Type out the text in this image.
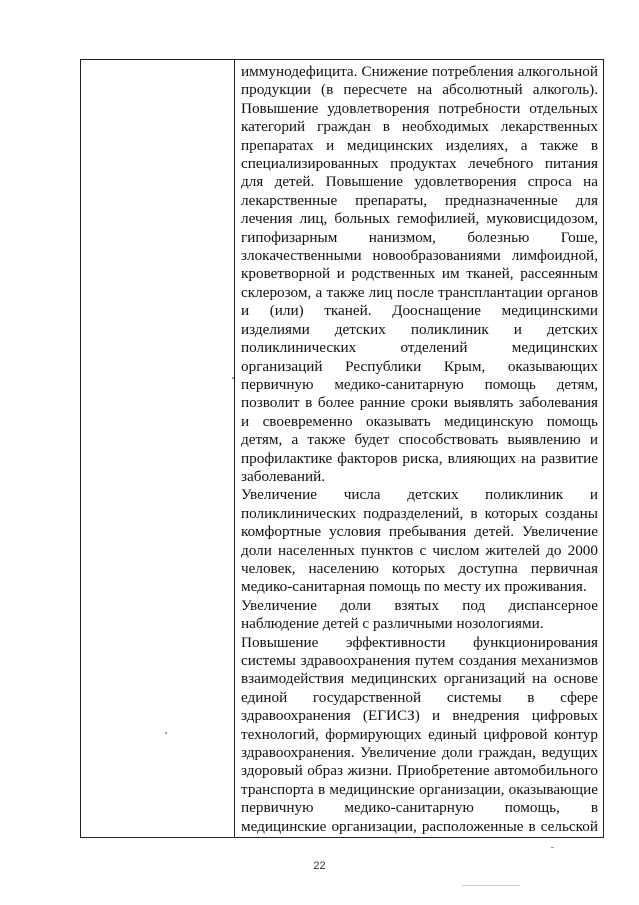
иммунодефицита. Снижение потребления алкогольной продукции (в пересчете на абсолютный алкоголь). Повышение удовлетворения потребности отдельных категорий граждан в необходимых лекарственных препаратах и медицинских изделиях, а также в специализированных продуктах лечебного питания для детей. Повышение удовлетворения спроса на лекарственные препараты, предназначенные для лечения лиц, больных гемофилией, муковисцидозом, гипофизарным нанизмом, болезнью Гоше, злокачественными новообразованиями лимфоидной, кроветворной и родственных им тканей, рассеянным склерозом, а также лиц после трансплантации органов и (или) тканей. Дооснащение медицинскими изделиями детских поликлиник и детских поликлинических отделений медицинских организаций Республики Крым, оказывающих первичную медико-санитарную помощь детям, позволит в более ранние сроки выявлять заболевания и своевременно оказывать медицинскую помощь детям, а также будет способствовать выявлению и профилактике факторов риска, влияющих на развитие заболеваний.
Увеличение числа детских поликлиник и поликлинических подразделений, в которых созданы комфортные условия пребывания детей. Увеличение доли населенных пунктов с числом жителей до 2000 человек, населению которых доступна первичная медико-санитарная помощь по месту их проживания.
Увеличение доли взятых под диспансерное наблюдение детей с различными нозологиями.
Повышение эффективности функционирования системы здравоохранения путем создания механизмов взаимодействия медицинских организаций на основе единой государственной системы в сфере здравоохранения (ЕГИСЗ) и внедрения цифровых технологий, формирующих единый цифровой контур здравоохранения. Увеличение доли граждан, ведущих здоровый образ жизни. Приобретение автомобильного транспорта в медицинские организации, оказывающие первичную медико-санитарную помощь, в медицинские организации, расположенные в сельской

22
